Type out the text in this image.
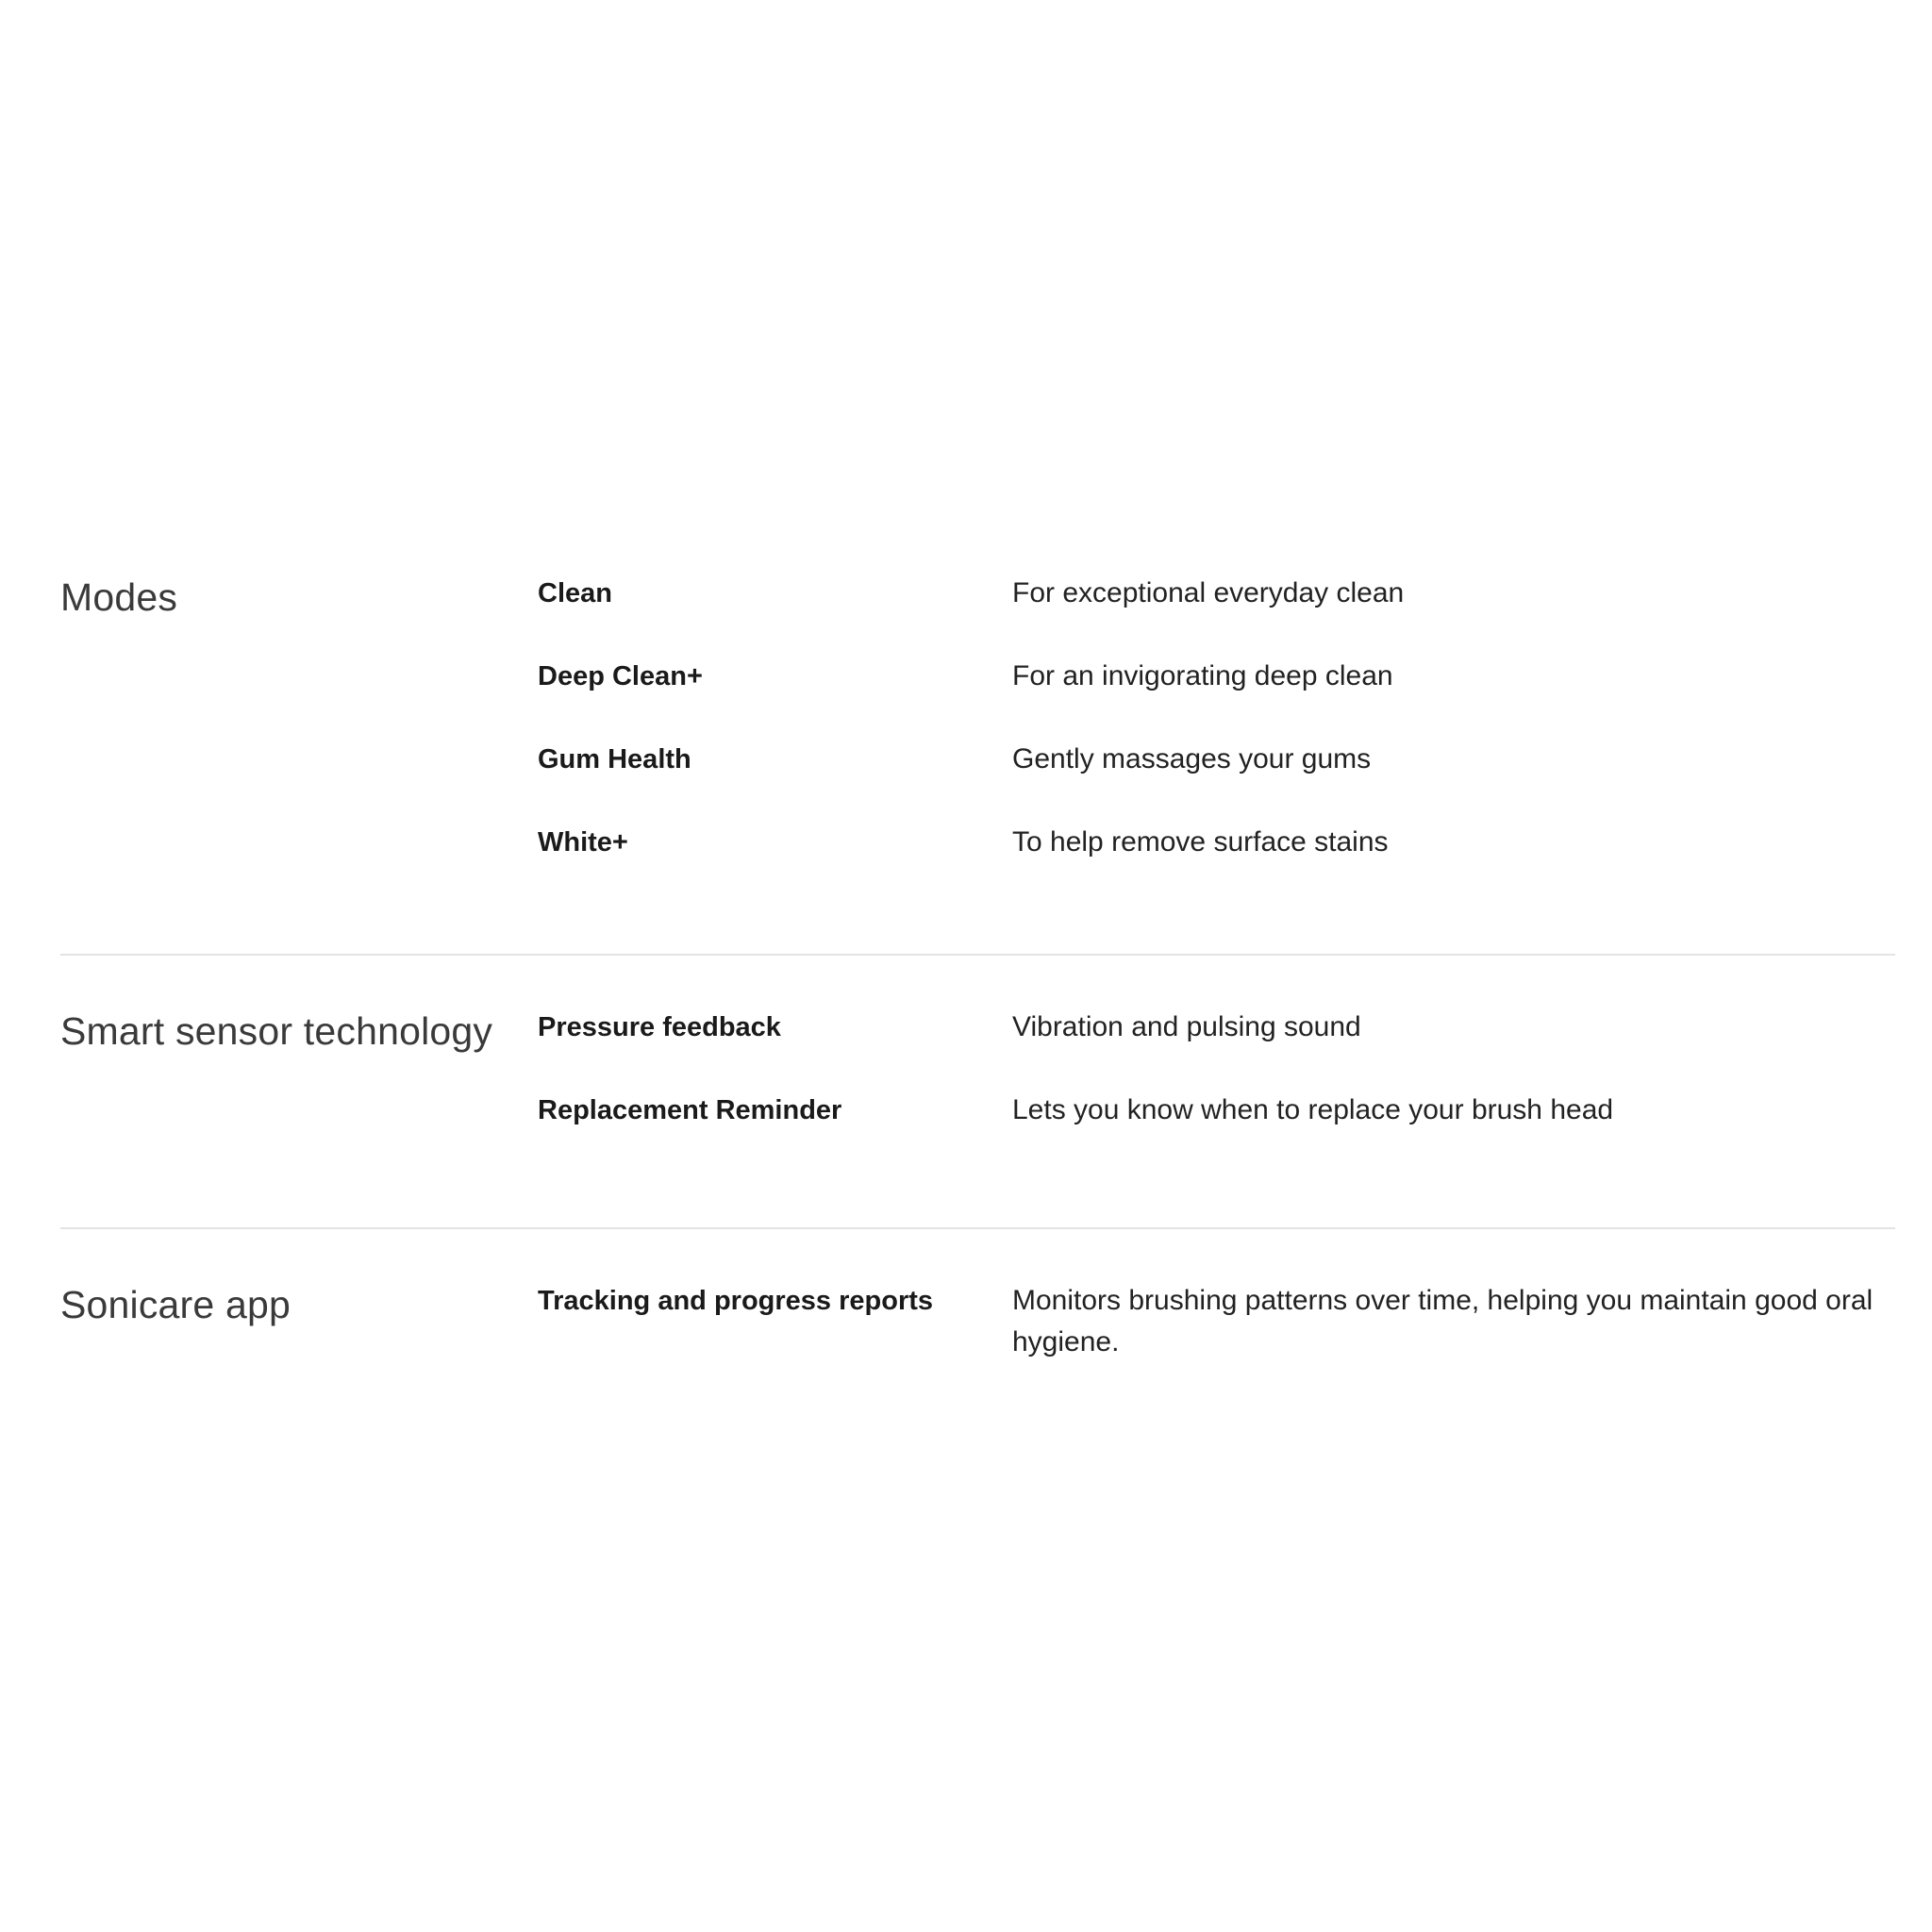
Modes	Clean	For exceptional everyday clean
Deep Clean+	For an invigorating deep clean
Gum Health	Gently massages your gums
White+	To help remove surface stains
Smart sensor technology	Pressure feedback	Vibration and pulsing sound
Replacement Reminder	Lets you know when to replace your brush head
Sonicare app	Tracking and progress reports	Monitors brushing patterns over time, helping you maintain good oral hygiene.
